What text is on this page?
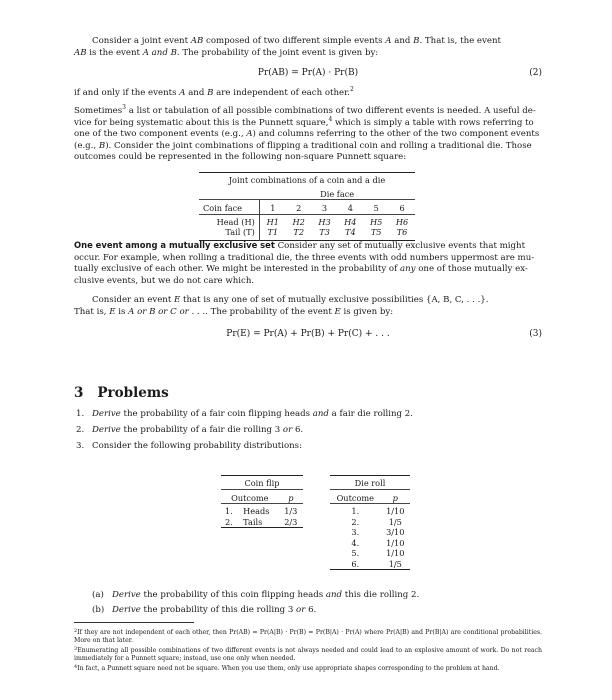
Consider a joint event AB composed of two different simple events A and B. That is, the event
AB is the event A and B. The probability of the joint event is given by:
Pr(AB) = Pr(A) · Pr(B)	(2)
if and only if the events A and B are independent of each other.$^2$
Sometimes$^3$ a list or tabulation of all possible combinations of two different events is needed. A useful de-
vice for being systematic about this is the Punnett square,$^4$ which is simply a table with rows referring to
one of the two component events (e.g., A) and columns referring to the other of the two component events
(e.g., B). Consider the joint combinations of flipping a traditional coin and rolling a traditional die. Those
outcomes could be represented in the following non-square Punnett square:
Joint combinations of a coin and a die						
	Die face					
Coin face	1	2	3	4	5	6
Head (H)	H1	H2	H3	H4	H5	H6
Tail (T)	T1	T2	T3	T4	T5	T6

One event among a mutually exclusive set Consider any set of mutually exclusive events that might
occur. For example, when rolling a traditional die, the three events with odd numbers uppermost are mu-
tually exclusive of each other. We might be interested in the probability of any one of those mutually ex-
clusive events, but we do not care which.
Consider an event E that is any one of set of mutually exclusive possibilities {A, B, C, . . .}.
That is, E is A or B or C or . . .. The probability of the event E is given by:
Pr(E) = Pr(A) + Pr(B) + Pr(C) + . . .	(3)
3 Problems
1. Derive the probability of a fair coin flipping heads and a fair die rolling 2.
2. Derive the probability of a fair die rolling 3 or 6.
3. Consider the following probability distributions:
Coin flip		
Outcome		p
1.	Heads	1/3
2.	Tails	2/3

Die roll	
Outcome	p
1.	1/10
2.	1/5
3.	3/10
4.	1/10
5.	1/10
6.	1/5

(a) Derive the probability of this coin flipping heads and this die rolling 2.
(b) Derive the probability of this die rolling 3 or 6.
$^2$If they are not independent of each other, then Pr(AB) = Pr(A|B) · Pr(B) = Pr(B|A) · Pr(A) where Pr(A|B) and Pr(B|A) are conditional probabilities. More on that later.
$^3$Enumerating all possible combinations of two different events is not always needed and could lead to an explosive amount of work. Do not reach immediately for a Punnett square; instead, use one only when needed.
$^4$In fact, a Punnett square need not be square. When you use them, only use appropriate shapes corresponding to the problem at hand.
